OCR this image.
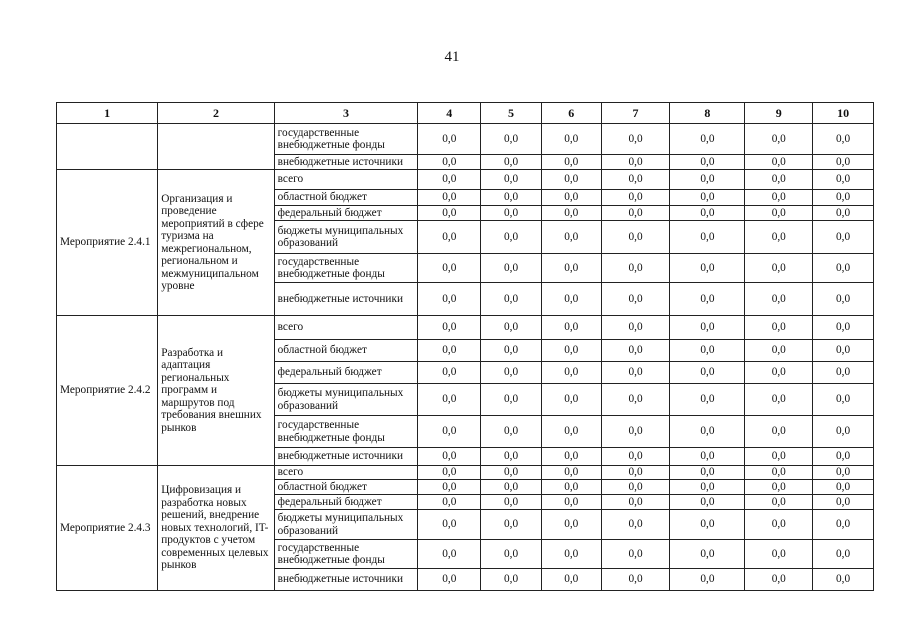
41
1	2	3	4	5	6	7	8	9	10
		государственные внебюджетные фонды	0,0	0,0	0,0	0,0	0,0	0,0	0,0
		внебюджетные источники	0,0	0,0	0,0	0,0	0,0	0,0	0,0
Мероприятие 2.4.1	Организация и проведение мероприятий в сфере туризма на межрегиональном, региональном и межмуниципальном уровне	всего	0,0	0,0	0,0	0,0	0,0	0,0	0,0
		областной бюджет	0,0	0,0	0,0	0,0	0,0	0,0	0,0
		федеральный бюджет	0,0	0,0	0,0	0,0	0,0	0,0	0,0
		бюджеты муниципальных образований	0,0	0,0	0,0	0,0	0,0	0,0	0,0
		государственные внебюджетные фонды	0,0	0,0	0,0	0,0	0,0	0,0	0,0
		внебюджетные источники	0,0	0,0	0,0	0,0	0,0	0,0	0,0
Мероприятие 2.4.2	Разработка и адаптация региональных программ и маршрутов под требования внешних рынков	всего	0,0	0,0	0,0	0,0	0,0	0,0	0,0
		областной бюджет	0,0	0,0	0,0	0,0	0,0	0,0	0,0
		федеральный бюджет	0,0	0,0	0,0	0,0	0,0	0,0	0,0
		бюджеты муниципальных образований	0,0	0,0	0,0	0,0	0,0	0,0	0,0
		государственные внебюджетные фонды	0,0	0,0	0,0	0,0	0,0	0,0	0,0
		внебюджетные источники	0,0	0,0	0,0	0,0	0,0	0,0	0,0
Мероприятие 2.4.3	Цифровизация и разработка новых решений, внедрение новых технологий, IT-продуктов с учетом современных целевых рынков	всего	0,0	0,0	0,0	0,0	0,0	0,0	0,0
		областной бюджет	0,0	0,0	0,0	0,0	0,0	0,0	0,0
		федеральный бюджет	0,0	0,0	0,0	0,0	0,0	0,0	0,0
		бюджеты муниципальных образований	0,0	0,0	0,0	0,0	0,0	0,0	0,0
		государственные внебюджетные фонды	0,0	0,0	0,0	0,0	0,0	0,0	0,0
		внебюджетные источники	0,0	0,0	0,0	0,0	0,0	0,0	0,0
